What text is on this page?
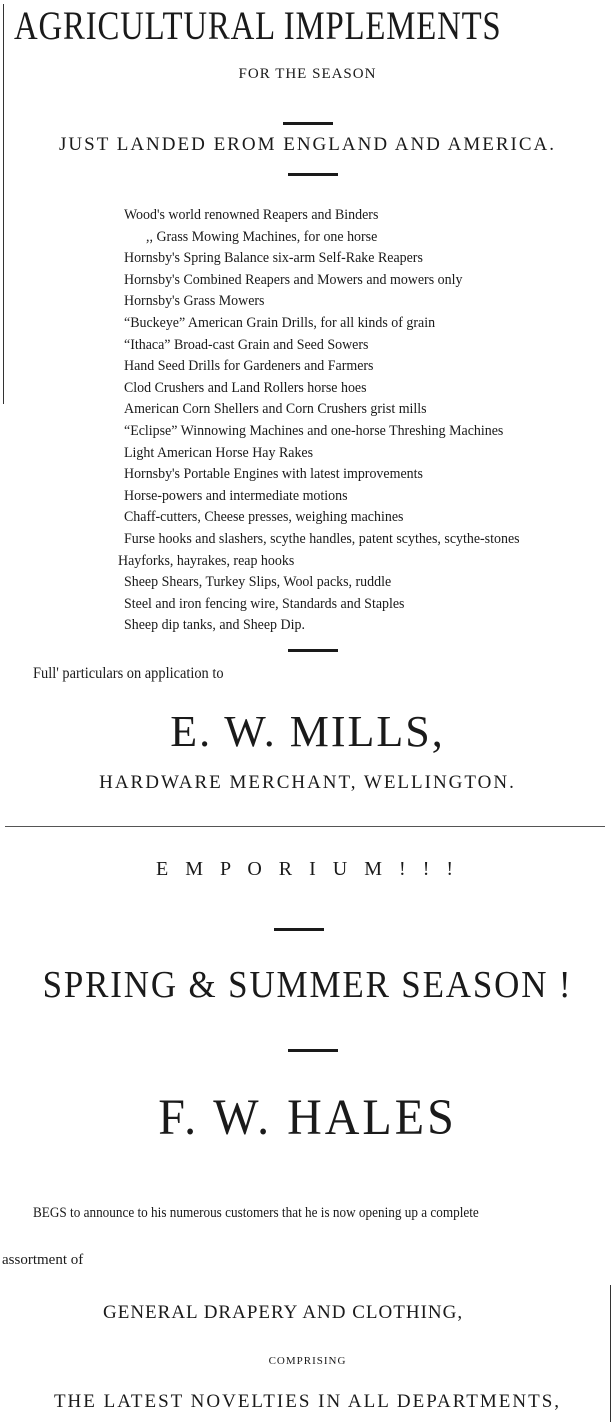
AGRICULTURAL IMPLEMENTS
FOR THE SEASON
JUST LANDED EROM ENGLAND AND AMERICA.
Wood's world renowned Reapers and Binders
,, Grass Mowing Machines, for one horse
Hornsby's Spring Balance six-arm Self-Rake Reapers
Hornsby's Combined Reapers and Mowers and mowers only
Hornsby's Grass Mowers
“Buckeye” American Grain Drills, for all kinds of grain
“Ithaca” Broad-cast Grain and Seed Sowers
Hand Seed Drills for Gardeners and Farmers
Clod Crushers and Land Rollers horse hoes
American Corn Shellers and Corn Crushers grist mills
“Eclipse” Winnowing Machines and one-horse Threshing Machines
Light American Horse Hay Rakes
Hornsby's Portable Engines with latest improvements
Horse-powers and intermediate motions
Chaff-cutters, Cheese presses, weighing machines
Furse hooks and slashers, scythe handles, patent scythes, scythe-stones
Hayforks, hayrakes, reap hooks
Sheep Shears, Turkey Slips, Wool packs, ruddle
Steel and iron fencing wire, Standards and Staples
Sheep dip tanks, and Sheep Dip.
Full' particulars on application to
E. W. MILLS,
HARDWARE MERCHANT, WELLINGTON.
E M P O R I U M ! ! !
SPRING & SUMMER SEASON !
F. W. HALES
BEGS to announce to his numerous customers that he is now opening up a complete
assortment of
GENERAL DRAPERY AND CLOTHING,
COMPRISING
THE LATEST NOVELTIES IN ALL DEPARTMENTS,
